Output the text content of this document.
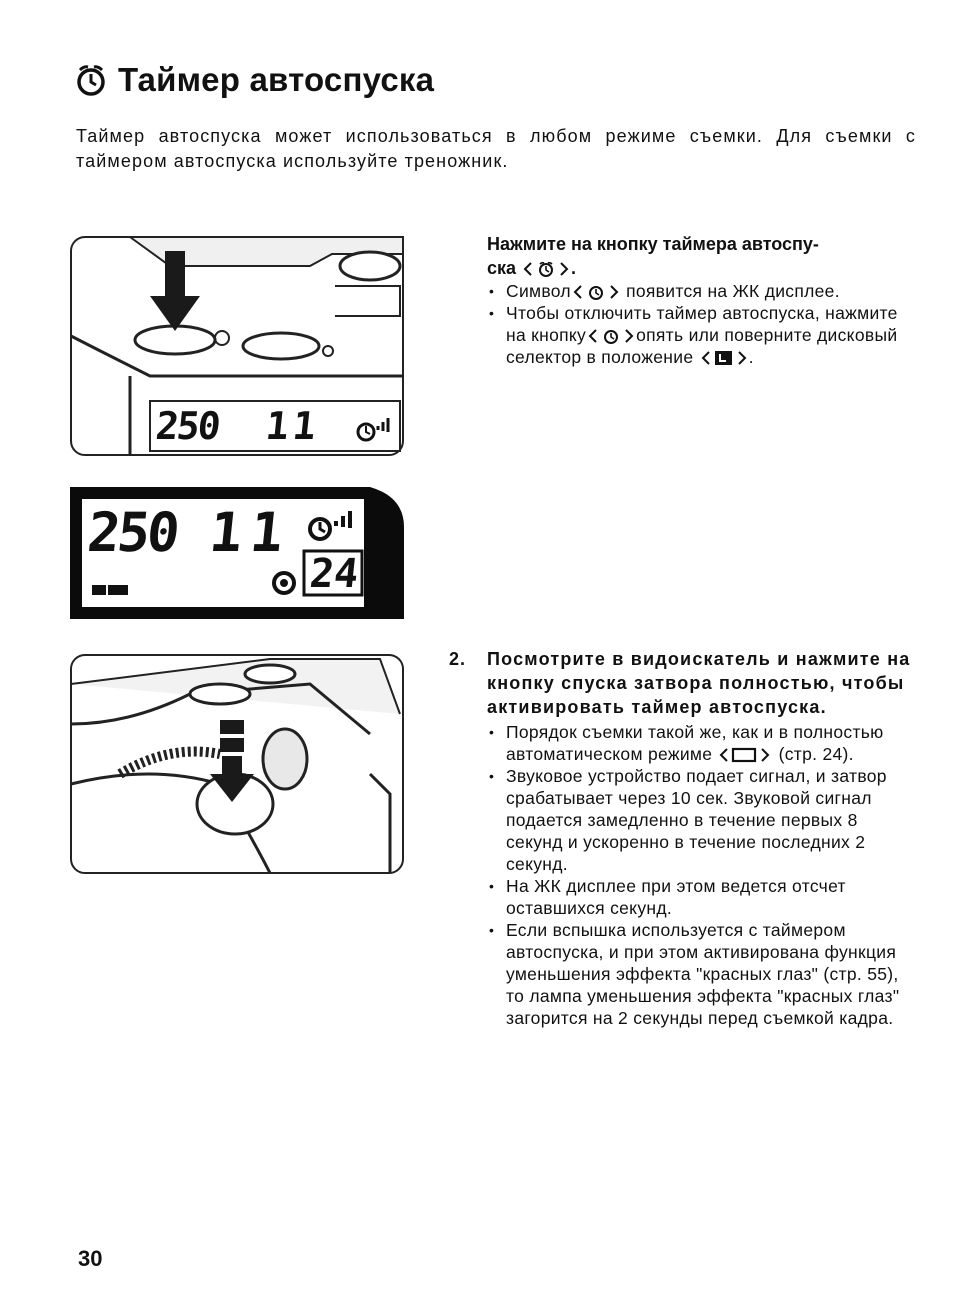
Таймер автоспуска
Таймер автоспуска может использоваться в любом режиме съемки. Для съемки с таймером автоспуска используйте треножник.
250 11
250 11
24
Нажмите на кнопку таймера автоспу-
ска	.
• Символ	появится на ЖК дисплее.
• Чтобы отключить таймер автоспуска, нажмите на кнопку	опять или поверните дисковый селектор в положение	.
2.	Посмотрите в видоискатель и нажмите на кнопку спуска затвора полностью, чтобы активировать таймер автоспуска.
• Порядок съемки такой же, как и в полностью автоматическом режиме	(стр. 24).
• Звуковое устройство подает сигнал, и затвор срабатывает через 10 сек. Звуковой сигнал подается замедленно в течение первых 8 секунд и ускоренно в течение последних 2 секунд.
• На ЖК дисплее при этом ведется отсчет оставшихся секунд.
• Если вспышка используется с таймером автоспуска, и при этом активирована функция уменьшения эффекта "красных глаз" (стр. 55), то лампа уменьшения эффекта "красных глаз" загорится на 2 секунды перед съемкой кадра.
30
